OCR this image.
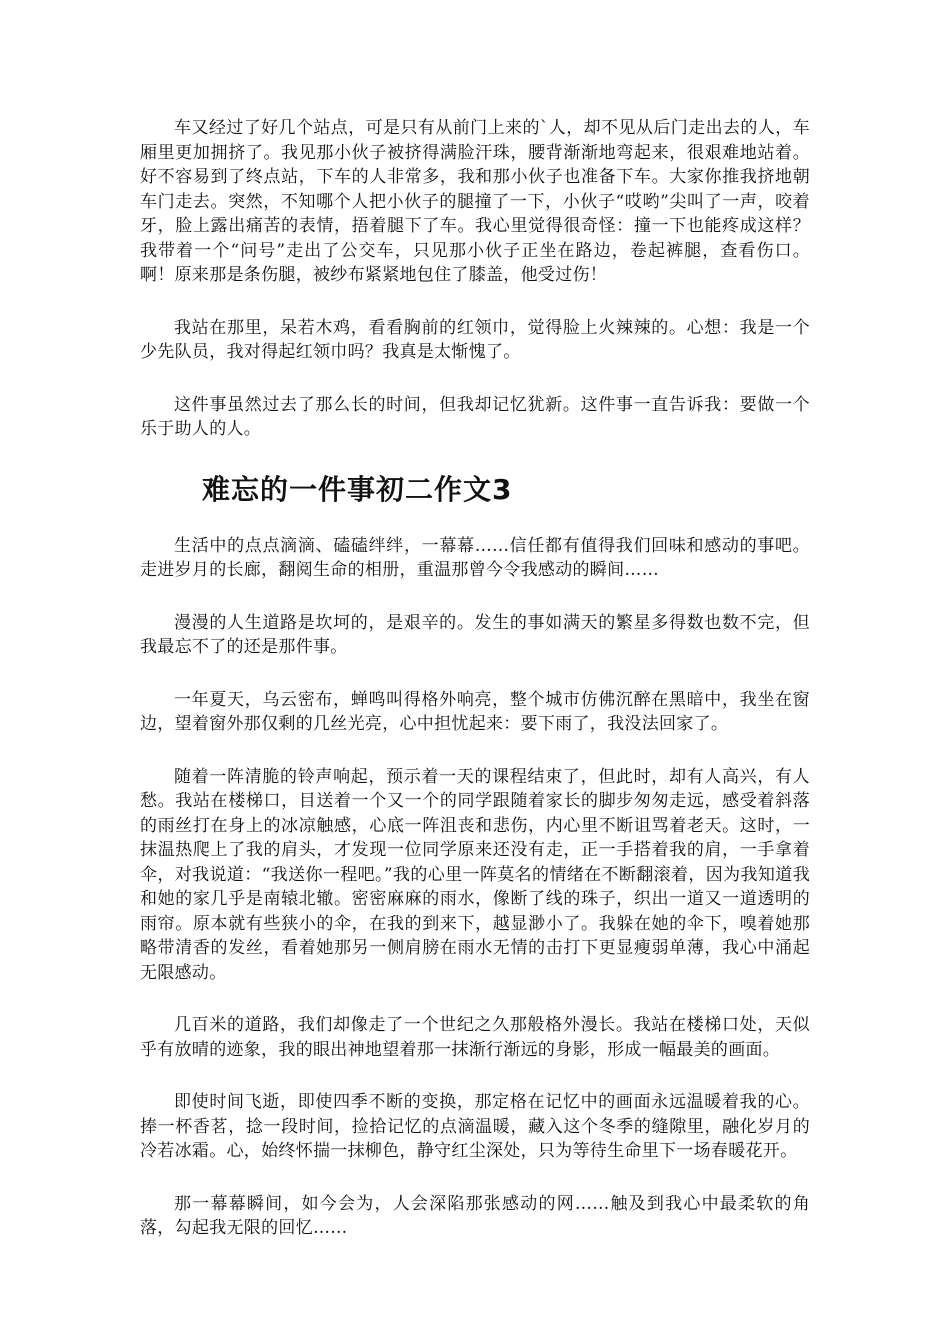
车又经过了好几个站点，可是只有从前门上来的`人，却不见从后门走出去的人，车厢里更加拥挤了。我见那小伙子被挤得满脸汗珠，腰背渐渐地弯起来，很艰难地站着。好不容易到了终点站，下车的人非常多，我和那小伙子也准备下车。大家你推我挤地朝车门走去。突然，不知哪个人把小伙子的腿撞了一下，小伙子“哎哟”尖叫了一声，咬着牙，脸上露出痛苦的表情，捂着腿下了车。我心里觉得很奇怪：撞一下也能疼成这样？我带着一个“问号”走出了公交车，只见那小伙子正坐在路边，卷起裤腿，查看伤口。啊！原来那是条伤腿，被纱布紧紧地包住了膝盖，他受过伤！

我站在那里，呆若木鸡，看看胸前的红领巾，觉得脸上火辣辣的。心想：我是一个少先队员，我对得起红领巾吗？我真是太惭愧了。

这件事虽然过去了那么长的时间，但我却记忆犹新。这件事一直告诉我：要做一个乐于助人的人。

难忘的一件事初二作文3

生活中的点点滴滴、磕磕绊绊，一幕幕……信任都有值得我们回味和感动的事吧。走进岁月的长廊，翻阅生命的相册，重温那曾今令我感动的瞬间……

漫漫的人生道路是坎坷的，是艰辛的。发生的事如满天的繁星多得数也数不完，但我最忘不了的还是那件事。

一年夏天，乌云密布，蝉鸣叫得格外响亮，整个城市仿佛沉醉在黑暗中，我坐在窗边，望着窗外那仅剩的几丝光亮，心中担忧起来：要下雨了，我没法回家了。

随着一阵清脆的铃声响起，预示着一天的课程结束了，但此时，却有人高兴，有人愁。我站在楼梯口，目送着一个又一个的同学跟随着家长的脚步匆匆走远，感受着斜落的雨丝打在身上的冰凉触感，心底一阵沮丧和悲伤，内心里不断诅骂着老天。这时，一抹温热爬上了我的肩头，才发现一位同学原来还没有走，正一手搭着我的肩，一手拿着伞，对我说道：“我送你一程吧。”我的心里一阵莫名的情绪在不断翻滚着，因为我知道我和她的家几乎是南辕北辙。密密麻麻的雨水，像断了线的珠子，织出一道又一道透明的雨帘。原本就有些狭小的伞，在我的到来下，越显渺小了。我躲在她的伞下，嗅着她那略带清香的发丝，看着她那另一侧肩膀在雨水无情的击打下更显瘦弱单薄，我心中涌起无限感动。

几百米的道路，我们却像走了一个世纪之久那般格外漫长。我站在楼梯口处，天似乎有放晴的迹象，我的眼出神地望着那一抹渐行渐远的身影，形成一幅最美的画面。

即使时间飞逝，即使四季不断的变换，那定格在记忆中的画面永远温暖着我的心。捧一杯香茗，捻一段时间，捡拾记忆的点滴温暖，藏入这个冬季的缝隙里，融化岁月的冷若冰霜。心，始终怀揣一抹柳色，静守红尘深处，只为等待生命里下一场春暖花开。

那一幕幕瞬间，如今会为，人会深陷那张感动的网……触及到我心中最柔软的角落，勾起我无限的回忆……
